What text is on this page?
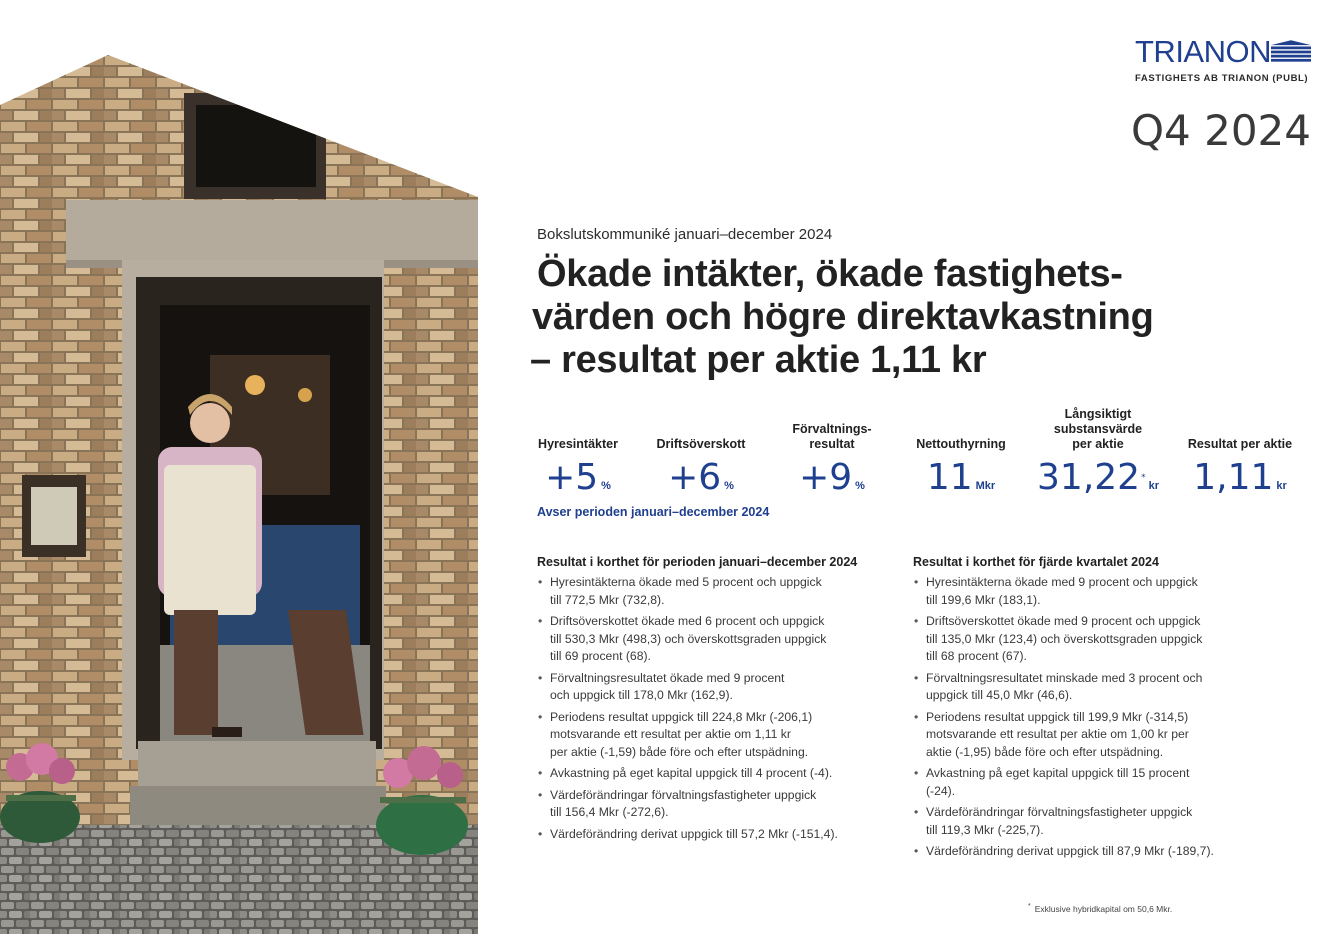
TRIANON
FASTIGHETS AB TRIANON (PUBL)
Q4 2024
Bokslutskommuniké januari–december 2024
Ökade intäkter, ökade fastighets-
värden och högre direktavkastning
– resultat per aktie 1,11 kr
Hyresintäkter
+5 %
Driftsöverskott
+6 %
Förvaltnings-
resultat
+9 %
Nettouthyrning
11 Mkr
Långsiktigt
substansvärde
per aktie
31,22*kr
Resultat per aktie
1,11 kr
Avser perioden januari–december 2024
Resultat i korthet för perioden januari–december 2024
• Hyresintäkterna ökade med 5 procent och uppgick
till 772,5 Mkr (732,8).
• Driftsöverskottet ökade med 6 procent och uppgick
till 530,3 Mkr (498,3) och överskottsgraden uppgick
till 69 procent (68).
• Förvaltningsresultatet ökade med 9 procent
och uppgick till 178,0 Mkr (162,9).
• Periodens resultat uppgick till 224,8 Mkr (-206,1)
motsvarande ett resultat per aktie om 1,11 kr
per aktie (-1,59) både före och efter utspädning.
• Avkastning på eget kapital uppgick till 4 procent (-4).
• Värdeförändringar förvaltningsfastigheter uppgick
till 156,4 Mkr (-272,6).
• Värdeförändring derivat uppgick till 57,2 Mkr (-151,4).
Resultat i korthet för fjärde kvartalet 2024
• Hyresintäkterna ökade med 9 procent och uppgick
till 199,6 Mkr (183,1).
• Driftsöverskottet ökade med 9 procent och uppgick
till 135,0 Mkr (123,4) och överskottsgraden uppgick
till 68 procent (67).
• Förvaltningsresultatet minskade med 3 procent och
uppgick till 45,0 Mkr (46,6).
• Periodens resultat uppgick till 199,9 Mkr (-314,5)
motsvarande ett resultat per aktie om 1,00 kr per
aktie (-1,95) både före och efter utspädning.
• Avkastning på eget kapital uppgick till 15 procent
(-24).
• Värdeförändringar förvaltningsfastigheter uppgick
till 119,3 Mkr (-225,7).
• Värdeförändring derivat uppgick till 87,9 Mkr (-189,7).
* Exklusive hybridkapital om 50,6 Mkr.
